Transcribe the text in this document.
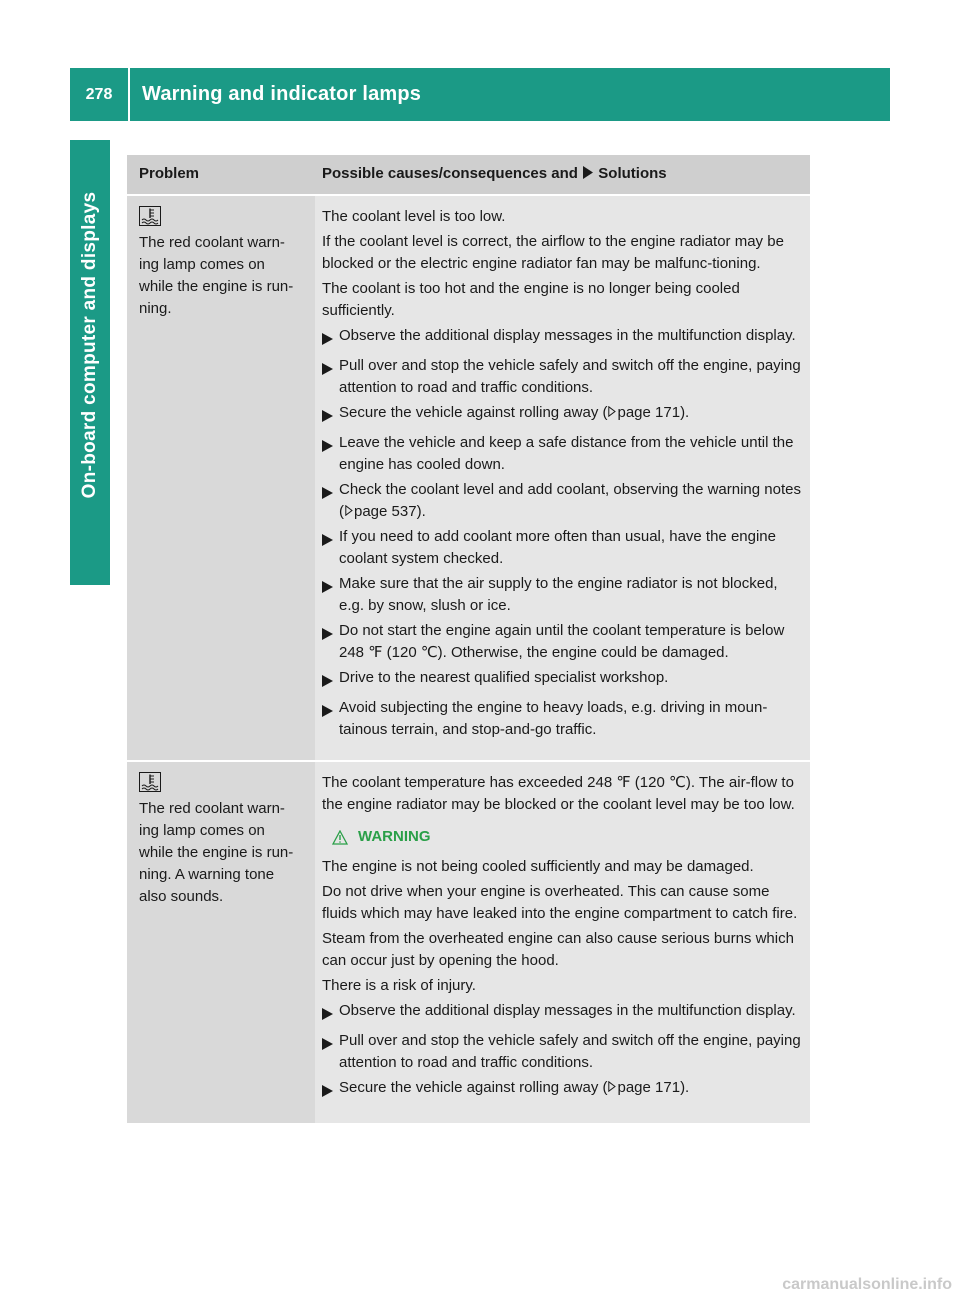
278	Warning and indicator lamps
On-board computer and displays
Problem	Possible causes/consequences and Solutions
The red coolant warn-
ing lamp comes on
while the engine is run-
ning.
The coolant level is too low.
If the coolant level is correct, the airflow to the engine radiator may be blocked or the electric engine radiator fan may be malfunc-tioning.
The coolant is too hot and the engine is no longer being cooled sufficiently.
Observe the additional display messages in the multifunction display.
Pull over and stop the vehicle safely and switch off the engine, paying attention to road and traffic conditions.
Secure the vehicle against rolling away ( page 171).
Leave the vehicle and keep a safe distance from the vehicle until the engine has cooled down.
Check the coolant level and add coolant, observing the warning notes ( page 537).
If you need to add coolant more often than usual, have the engine coolant system checked.
Make sure that the air supply to the engine radiator is not blocked, e.g. by snow, slush or ice.
Do not start the engine again until the coolant temperature is below 248 ℉ (120 ℃). Otherwise, the engine could be damaged.
Drive to the nearest qualified specialist workshop.
Avoid subjecting the engine to heavy loads, e.g. driving in moun-tainous terrain, and stop-and-go traffic.
The red coolant warn-
ing lamp comes on
while the engine is run-
ning. A warning tone
also sounds.
The coolant temperature has exceeded 248 ℉ (120 ℃). The air-flow to the engine radiator may be blocked or the coolant level may be too low.
WARNING
The engine is not being cooled sufficiently and may be damaged.
Do not drive when your engine is overheated. This can cause some fluids which may have leaked into the engine compartment to catch fire.
Steam from the overheated engine can also cause serious burns which can occur just by opening the hood.
There is a risk of injury.
Observe the additional display messages in the multifunction display.
Pull over and stop the vehicle safely and switch off the engine, paying attention to road and traffic conditions.
Secure the vehicle against rolling away ( page 171).
carmanualsonline.info
